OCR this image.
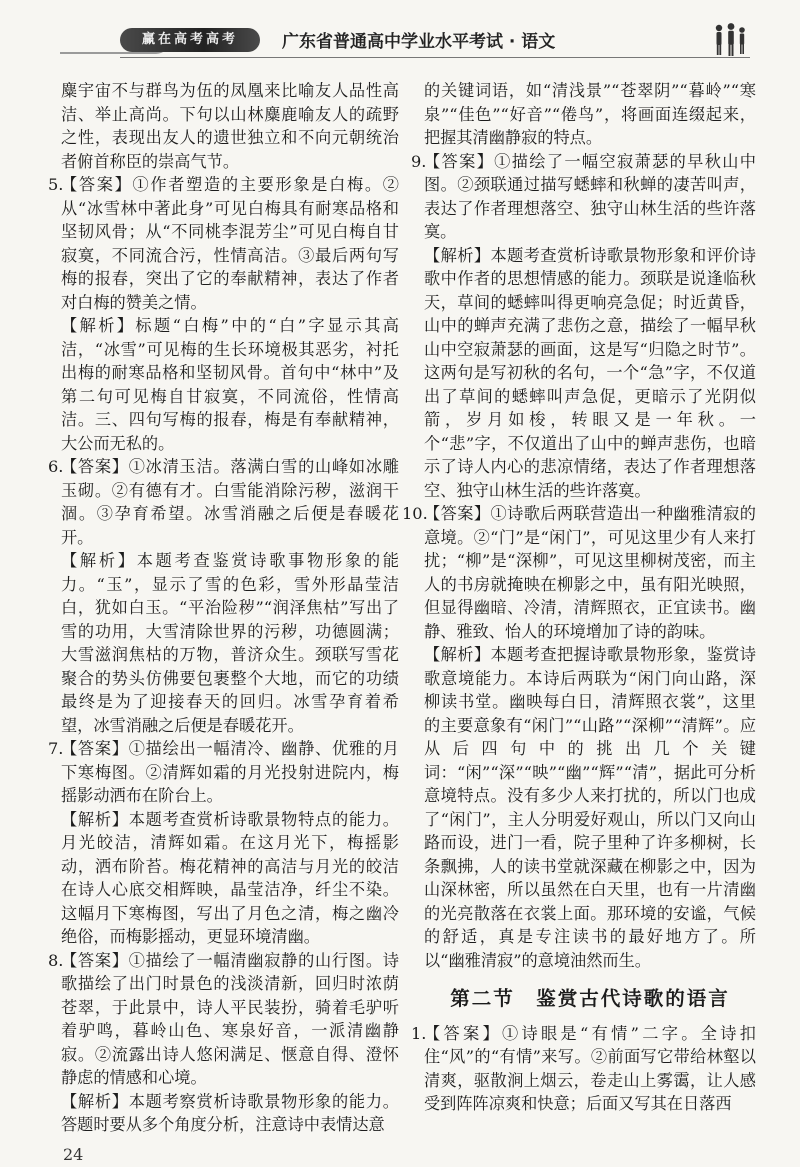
赢在高考高考	广东省普通高中学业水平考试 · 语文

麋宇宙不与群鸟为伍的凤凰来比喻友人品性高洁、举止高尚。下句以山林麋鹿喻友人的疏野之性，表现出友人的遗世独立和不向元朝统治者俯首称臣的崇高气节。

5.

【答案】①作者塑造的主要形象是白梅。②从“冰雪林中著此身”可见白梅具有耐寒品格和坚韧风骨；从“不同桃李混芳尘”可见白梅自甘寂寞，不同流合污，性情高洁。③最后两句写梅的报春，突出了它的奉献精神，表达了作者对白梅的赞美之情。

【解析】标题“白梅”中的“白”字显示其高洁，“冰雪”可见梅的生长环境极其恶劣，衬托出梅的耐寒品格和坚韧风骨。首句中“林中”及第二句可见梅自甘寂寞，不同流俗，性情高洁。三、四句写梅的报春，梅是有奉献精神，大公而无私的。

6.

【答案】①冰清玉洁。落满白雪的山峰如冰雕玉砌。②有德有才。白雪能消除污秽，滋润干涸。③孕育希望。冰雪消融之后便是春暖花开。

【解析】本题考查鉴赏诗歌事物形象的能力。“玉”，显示了雪的色彩，雪外形晶莹洁白，犹如白玉。“平治险秽”“润泽焦枯”写出了雪的功用，大雪清除世界的污秽，功德圆满；大雪滋润焦枯的万物，普济众生。颈联写雪花聚合的势头仿佛要包裹整个大地，而它的功绩最终是为了迎接春天的回归。冰雪孕育着希望，冰雪消融之后便是春暖花开。

7.

【答案】①描绘出一幅清冷、幽静、优雅的月下寒梅图。②清辉如霜的月光投射进院内，梅摇影动洒布在阶台上。

【解析】本题考查赏析诗歌景物特点的能力。月光皎洁，清辉如霜。在这月光下，梅摇影动，洒布阶苔。梅花精神的高洁与月光的皎洁在诗人心底交相辉映，晶莹洁净，纤尘不染。这幅月下寒梅图，写出了月色之清，梅之幽冷绝俗，而梅影摇动，更显环境清幽。

8.

【答案】①描绘了一幅清幽寂静的山行图。诗歌描绘了出门时景色的浅淡清新，回归时浓荫苍翠，于此景中，诗人平民装扮，骑着毛驴听着驴鸣，暮岭山色、寒泉好音，一派清幽静寂。②流露出诗人悠闲满足、惬意自得、澄怀静虑的情感和心境。

【解析】本题考察赏析诗歌景物形象的能力。答题时要从多个角度分析，注意诗中表情达意

的关键词语，如“清浅景”“苍翠阴”“暮岭”“寒泉”“佳色”“好音”“倦鸟”，将画面连缀起来，把握其清幽静寂的特点。

9.

【答案】①描绘了一幅空寂萧瑟的早秋山中图。②颈联通过描写蟋蟀和秋蝉的凄苦叫声，表达了作者理想落空、独守山林生活的些许落寞。

【解析】本题考查赏析诗歌景物形象和评价诗歌中作者的思想情感的能力。颈联是说逢临秋天，草间的蟋蟀叫得更响亮急促；时近黄昏，山中的蝉声充满了悲伤之意，描绘了一幅早秋山中空寂萧瑟的画面，这是写“归隐之时节”。这两句是写初秋的名句，一个“急”字，不仅道出了草间的蟋蟀叫声急促，更暗示了光阴似箭，岁月如梭，转眼又是一年秋。一个“悲”字，不仅道出了山中的蝉声悲伤，也暗示了诗人内心的悲凉情绪，表达了作者理想落空、独守山林生活的些许落寞。

10.

【答案】①诗歌后两联营造出一种幽雅清寂的意境。②“门”是“闲门”，可见这里少有人来打扰；“柳”是“深柳”，可见这里柳树茂密，而主人的书房就掩映在柳影之中，虽有阳光映照，但显得幽暗、冷清，清辉照衣，正宜读书。幽静、雅致、怡人的环境增加了诗的韵味。

【解析】本题考查把握诗歌景物形象，鉴赏诗歌意境能力。本诗后两联为“闲门向山路，深柳读书堂。幽映每白日，清辉照衣裳”，这里的主要意象有“闲门”“山路”“深柳”“清辉”。应从后四句中的挑出几个关键词：“闲”“深”“映”“幽”“辉”“清”，据此可分析意境特点。没有多少人来打扰的，所以门也成了“闲门”，主人分明爱好观山，所以门又向山路而设，进门一看，院子里种了许多柳树，长条飘拂，人的读书堂就深藏在柳影之中，因为山深林密，所以虽然在白天里，也有一片清幽的光亮散落在衣裳上面。那环境的安谧，气候的舒适，真是专注读书的最好地方了。所以“幽雅清寂”的意境油然而生。

第二节　鉴赏古代诗歌的语言
1.

【答案】①诗眼是“有情”二字。全诗扣住“风”的“有情”来写。②前面写它带给林壑以清爽，驱散涧上烟云，卷走山上雾霭，让人感受到阵阵凉爽和快意；后面又写其在日落西

24
